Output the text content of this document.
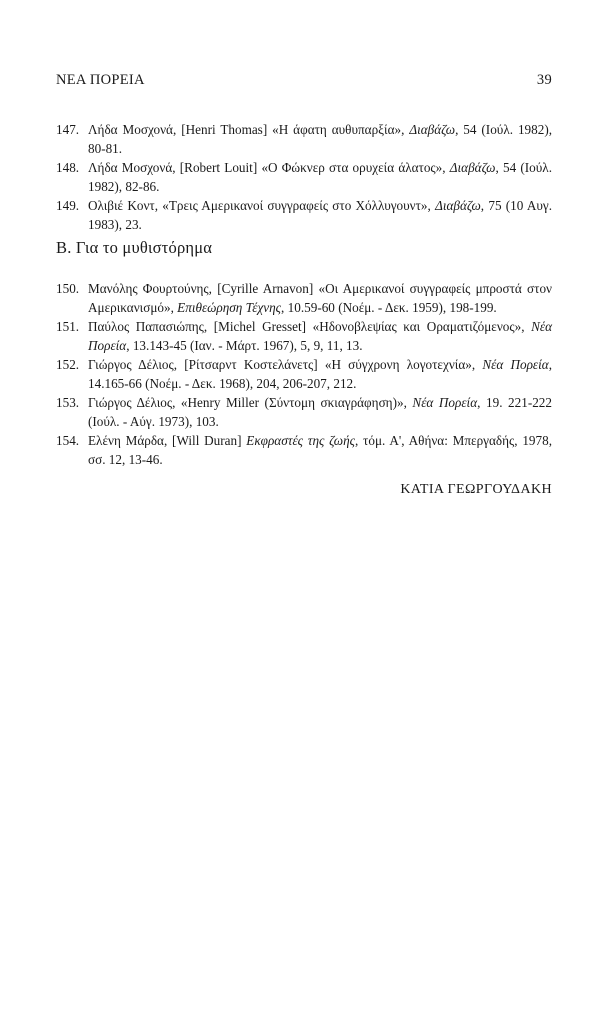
ΝΕΑ ΠΟΡΕΙΑ	39
147 . Λήδα Μοσχονά, [Henri Thomas] «Η άφατη αυθυπαρξία», Διαβάζω, 54 (Ιούλ. 1982), 80-81.
148 . Λήδα Μοσχονά, [Robert Louit] «Ο Φώκνερ στα ορυχεία άλατος», Διαβάζω, 54 (Ιούλ. 1982), 82-86.
149 . Ολιβιέ Κοντ, «Τρεις Αμερικανοί συγγραφείς στο Χόλλυγουντ», Διαβάζω, 75 (10 Αυγ. 1983), 23.
Β. Για το μυθιστόρημα
150 . Μανόλης Φουρτούνης, [Cyrille Arnavon] «Οι Αμερικανοί συγγραφείς μπροστά στον Αμερικανισμό», Επιθεώρηση Τέχνης, 10.59-60 (Νοέμ. - Δεκ. 1959), 198-199.
151 . Παύλος Παπασιώπης, [Michel Gresset] «Ηδονοβλεψίας και Οραματιζόμενος», Νέα Πορεία, 13.143-45 (Ιαν. - Μάρτ. 1967), 5, 9, 11, 13.
152 . Γιώργος Δέλιος, [Ρίτσαρντ Κοστελάνετς] «Η σύγχρονη λογοτεχνία», Νέα Πορεία, 14.165-66 (Νοέμ. - Δεκ. 1968), 204, 206-207, 212.
153 . Γιώργος Δέλιος, «Henry Miller (Σύντομη σκιαγράφηση)», Νέα Πορεία, 19. 221-222 (Ιούλ. - Αύγ. 1973), 103.
154 . Ελένη Μάρδα, [Will Duran] Εκφραστές της ζωής, τόμ. Α', Αθήνα: Μπεργαδής, 1978, σσ. 12, 13-46.
ΚΑΤΙΑ ΓΕΩΡΓΟΥΔΑΚΗ
